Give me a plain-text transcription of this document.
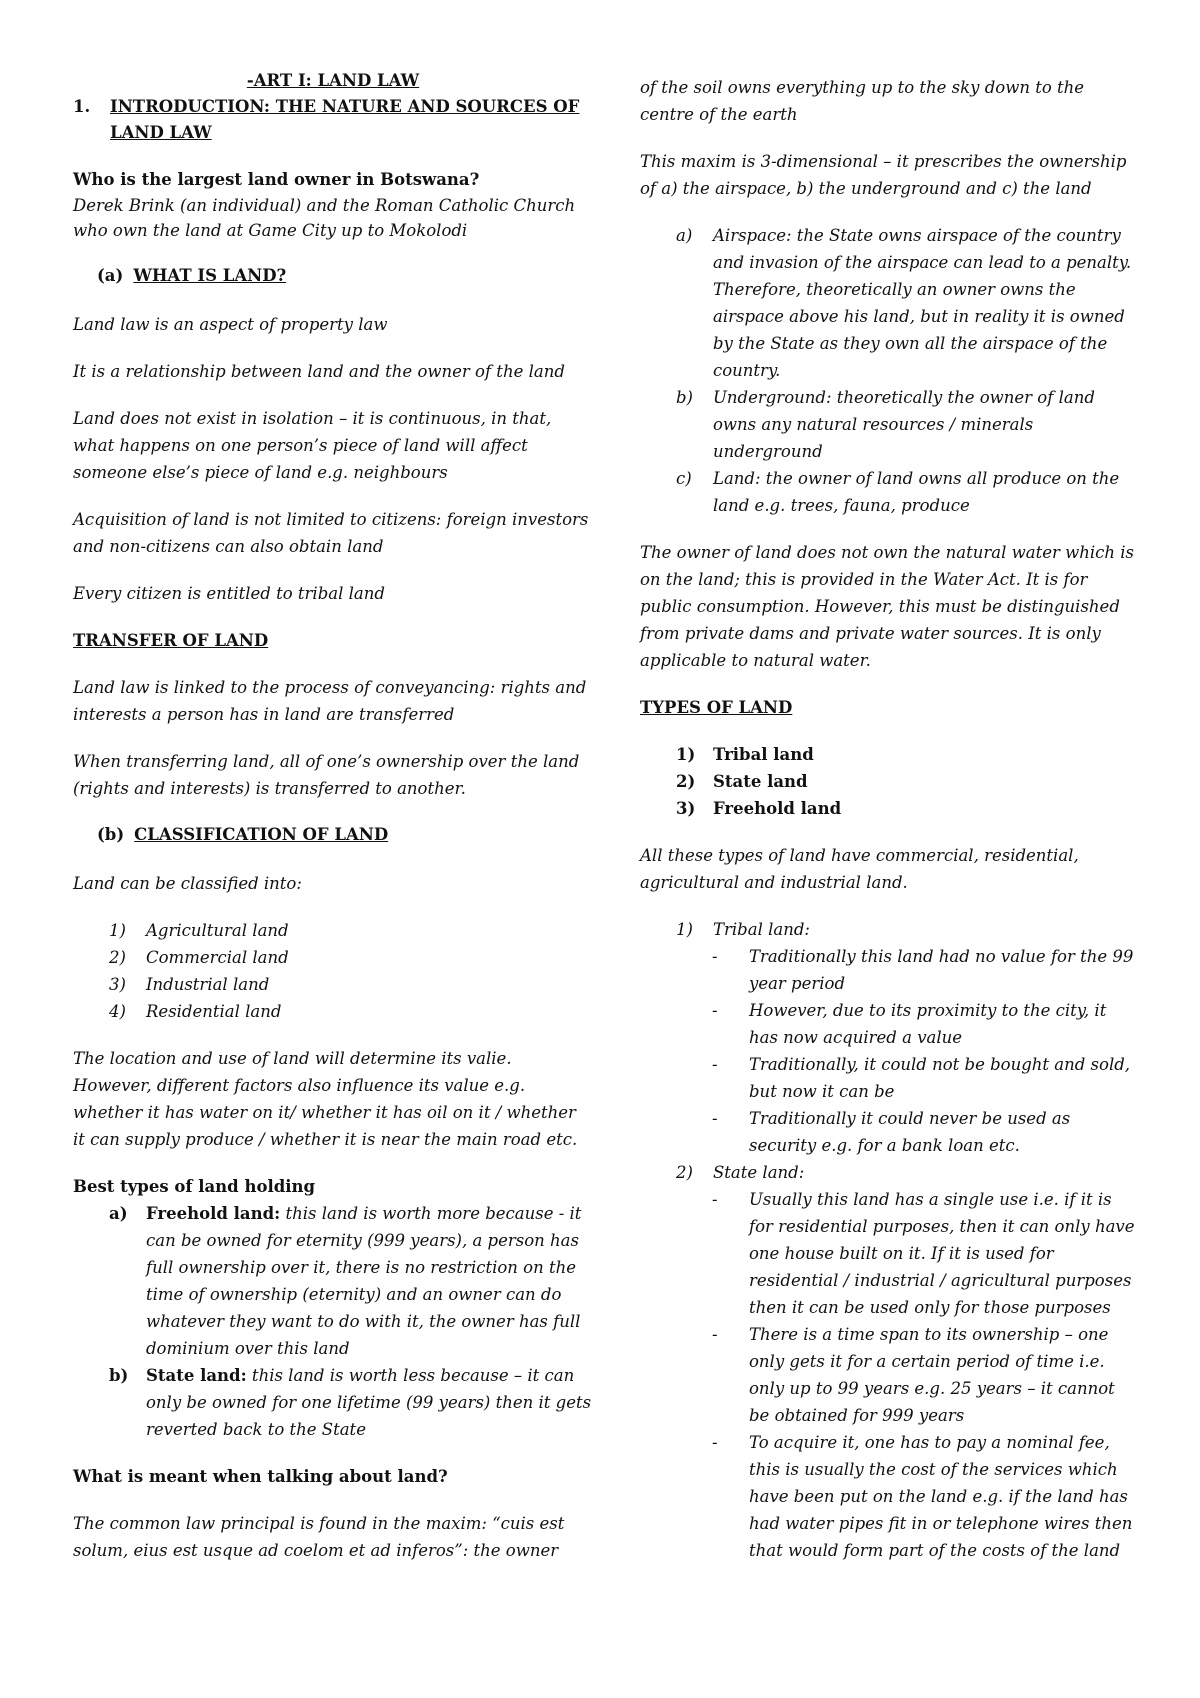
-ART I: LAND LAW
1.	INTRODUCTION: THE NATURE AND SOURCES OF LAND LAW
Who is the largest land owner in Botswana?

Derek Brink (an individual) and the Roman Catholic Church who own the land at Game City up to Mokolodi

(a) WHAT IS LAND?

Land law is an aspect of property law

It is a relationship between land and the owner of the land

Land does not exist in isolation – it is continuous, in that, what happens on one person’s piece of land will affect someone else’s piece of land e.g. neighbours

Acquisition of land is not limited to citizens: foreign investors and non-citizens can also obtain land

Every citizen is entitled to tribal land

TRANSFER OF LAND

Land law is linked to the process of conveyancing: rights and interests a person has in land are transferred

When transferring land, all of one’s ownership over the land (rights and interests) is transferred to another.

(b) CLASSIFICATION OF LAND

Land can be classified into:

1)	Agricultural land
2)	Commercial land
3)	Industrial land
4)	Residential land

The location and use of land will determine its valie. However, different factors also influence its value e.g. whether it has water on it/ whether it has oil on it / whether it can supply produce / whether it is near the main road etc.

Best types of land holding
a)	Freehold land: this land is worth more because - it can be owned for eternity (999 years), a person has full ownership over it, there is no restriction on the time of ownership (eternity) and an owner can do whatever they want to do with it, the owner has full dominium over this land
b)	State land: this land is worth less because – it can only be owned for one lifetime (99 years) then it gets reverted back to the State
What is meant when talking about land?

The common law principal is found in the maxim: “cuis est solum, eius est usque ad coelom et ad inferos”: the owner

of the soil owns everything up to the sky down to the centre of the earth

This maxim is 3-dimensional – it prescribes the ownership of a) the airspace, b) the underground and c) the land

a)	Airspace: the State owns airspace of the country and invasion of the airspace can lead to a penalty. Therefore, theoretically an owner owns the airspace above his land, but in reality it is owned by the State as they own all the airspace of the country.
b)	Underground: theoretically the owner of land owns any natural resources / minerals underground
c)	Land: the owner of land owns all produce on the land e.g. trees, fauna, produce

The owner of land does not own the natural water which is on the land; this is provided in the Water Act. It is for public consumption. However, this must be distinguished from private dams and private water sources. It is only applicable to natural water.

TYPES OF LAND
1)	Tribal land
2)	State land
3)	Freehold land

All these types of land have commercial, residential, agricultural and industrial land.

1)	Tribal land:
-	Traditionally this land had no value for the 99 year period
-	However, due to its proximity to the city, it has now acquired a value
-	Traditionally, it could not be bought and sold, but now it can be
-	Traditionally it could never be used as security e.g. for a bank loan etc.
2)	State land:
-	Usually this land has a single use i.e. if it is for residential purposes, then it can only have one house built on it. If it is used for residential / industrial / agricultural purposes then it can be used only for those purposes
-	There is a time span to its ownership – one only gets it for a certain period of time i.e. only up to 99 years e.g. 25 years – it cannot be obtained for 999 years
-	To acquire it, one has to pay a nominal fee, this is usually the cost of the services which have been put on the land e.g. if the land has had water pipes fit in or telephone wires then that would form part of the costs of the land
